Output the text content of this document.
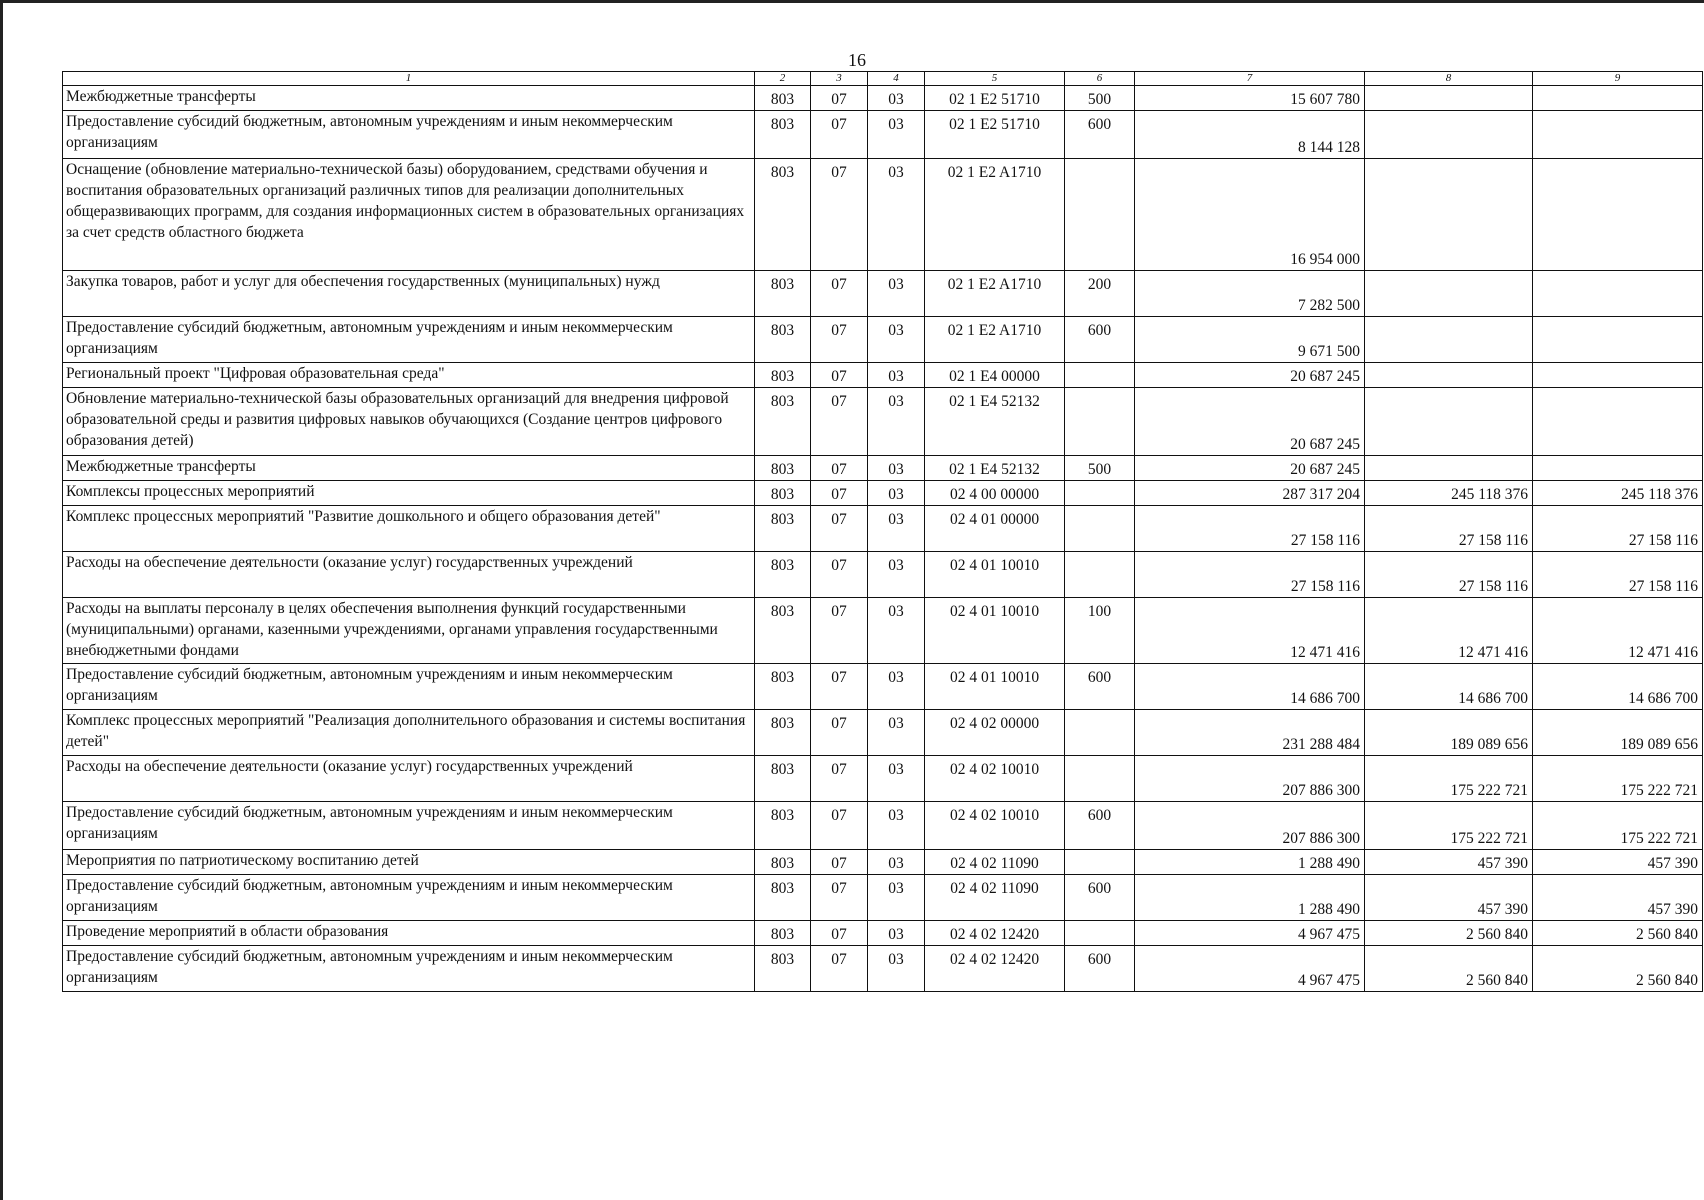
16
1	2	3	4	5	6	7	8	9
Межбюджетные трансферты	803	07	03	02 1 E2 51710	500	15 607 780		
Предоставление субсидий бюджетным, автономным учреждениям и иным некоммерческим организациям	803	07	03	02 1 E2 51710	600	8 144 128		
Оснащение (обновление материально-технической базы) оборудованием, средствами обучения и воспитания образовательных организаций различных типов для реализации дополнительных общеразвивающих программ, для создания информационных систем в образовательных организациях за счет средств областного бюджета	803	07	03	02 1 E2 A1710		16 954 000		
Закупка товаров, работ и услуг для обеспечения государственных (муниципальных) нужд	803	07	03	02 1 E2 A1710	200	7 282 500		
Предоставление субсидий бюджетным, автономным учреждениям и иным некоммерческим организациям	803	07	03	02 1 E2 A1710	600	9 671 500		
Региональный проект "Цифровая образовательная среда"	803	07	03	02 1 E4 00000		20 687 245		
Обновление материально-технической базы образовательных организаций для внедрения цифровой образовательной среды и развития цифровых навыков обучающихся (Создание центров цифрового образования детей)	803	07	03	02 1 E4 52132		20 687 245		
Межбюджетные трансферты	803	07	03	02 1 E4 52132	500	20 687 245		
Комплексы процессных мероприятий	803	07	03	02 4 00 00000		287 317 204	245 118 376	245 118 376
Комплекс процессных мероприятий "Развитие дошкольного и общего образования детей"	803	07	03	02 4 01 00000		27 158 116	27 158 116	27 158 116
Расходы на обеспечение деятельности (оказание услуг) государственных учреждений	803	07	03	02 4 01 10010		27 158 116	27 158 116	27 158 116
Расходы на выплаты персоналу в целях обеспечения выполнения функций государственными (муниципальными) органами, казенными учреждениями, органами управления государственными внебюджетными фондами	803	07	03	02 4 01 10010	100	12 471 416	12 471 416	12 471 416
Предоставление субсидий бюджетным, автономным учреждениям и иным некоммерческим организациям	803	07	03	02 4 01 10010	600	14 686 700	14 686 700	14 686 700
Комплекс процессных мероприятий "Реализация дополнительного образования и системы воспитания детей"	803	07	03	02 4 02 00000		231 288 484	189 089 656	189 089 656
Расходы на обеспечение деятельности (оказание услуг) государственных учреждений	803	07	03	02 4 02 10010		207 886 300	175 222 721	175 222 721
Предоставление субсидий бюджетным, автономным учреждениям и иным некоммерческим организациям	803	07	03	02 4 02 10010	600	207 886 300	175 222 721	175 222 721
Мероприятия по патриотическому воспитанию детей	803	07	03	02 4 02 11090		1 288 490	457 390	457 390
Предоставление субсидий бюджетным, автономным учреждениям и иным некоммерческим организациям	803	07	03	02 4 02 11090	600	1 288 490	457 390	457 390
Проведение мероприятий в области образования	803	07	03	02 4 02 12420		4 967 475	2 560 840	2 560 840
Предоставление субсидий бюджетным, автономным учреждениям и иным некоммерческим организациям	803	07	03	02 4 02 12420	600	4 967 475	2 560 840	2 560 840
